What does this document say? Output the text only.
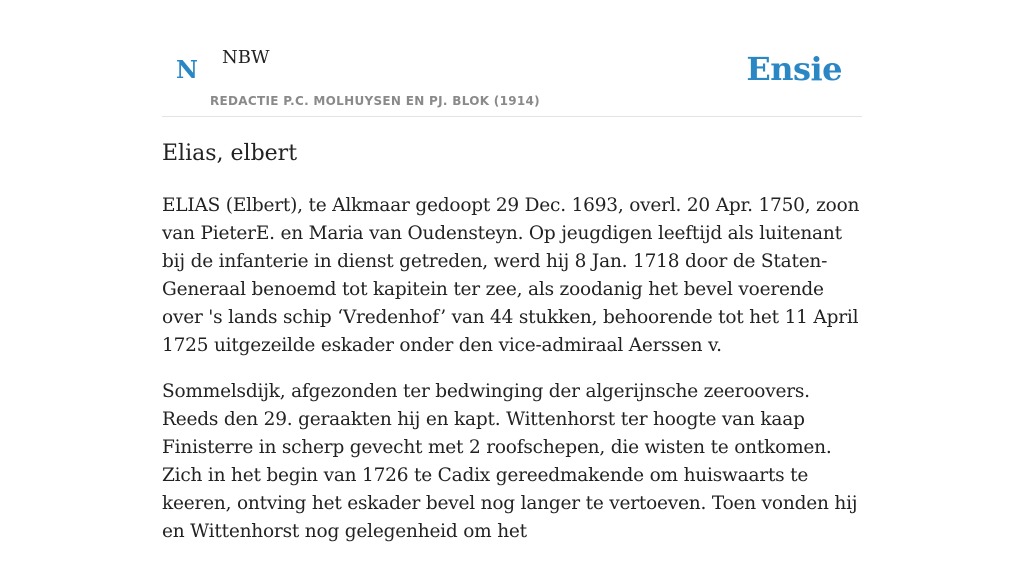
N NBW
REDACTIE P.C. MOLHUYSEN EN PJ. BLOK (1914)
Ensie
Elias, elbert

ELIAS (Elbert), te Alkmaar gedoopt 29 Dec. 1693, overl. 20 Apr. 1750, zoon van PieterE. en Maria van Oudensteyn. Op jeugdigen leeftijd als luitenant bij de infanterie in dienst getreden, werd hij 8 Jan. 1718 door de Staten-Generaal benoemd tot kapitein ter zee, als zoodanig het bevel voerende over 's lands schip ‘Vredenhof’ van 44 stukken, behoorende tot het 11 April 1725 uitgezeilde eskader onder den vice-admiraal Aerssen v.

Sommelsdijk, afgezonden ter bedwinging der algerijnsche zeeroovers. Reeds den 29. geraakten hij en kapt. Wittenhorst ter hoogte van kaap Finisterre in scherp gevecht met 2 roofschepen, die wisten te ontkomen. Zich in het begin van 1726 te Cadix gereedmakende om huiswaarts te keeren, ontving het eskader bevel nog langer te vertoeven. Toen vonden hij en Wittenhorst nog gelegenheid om het
